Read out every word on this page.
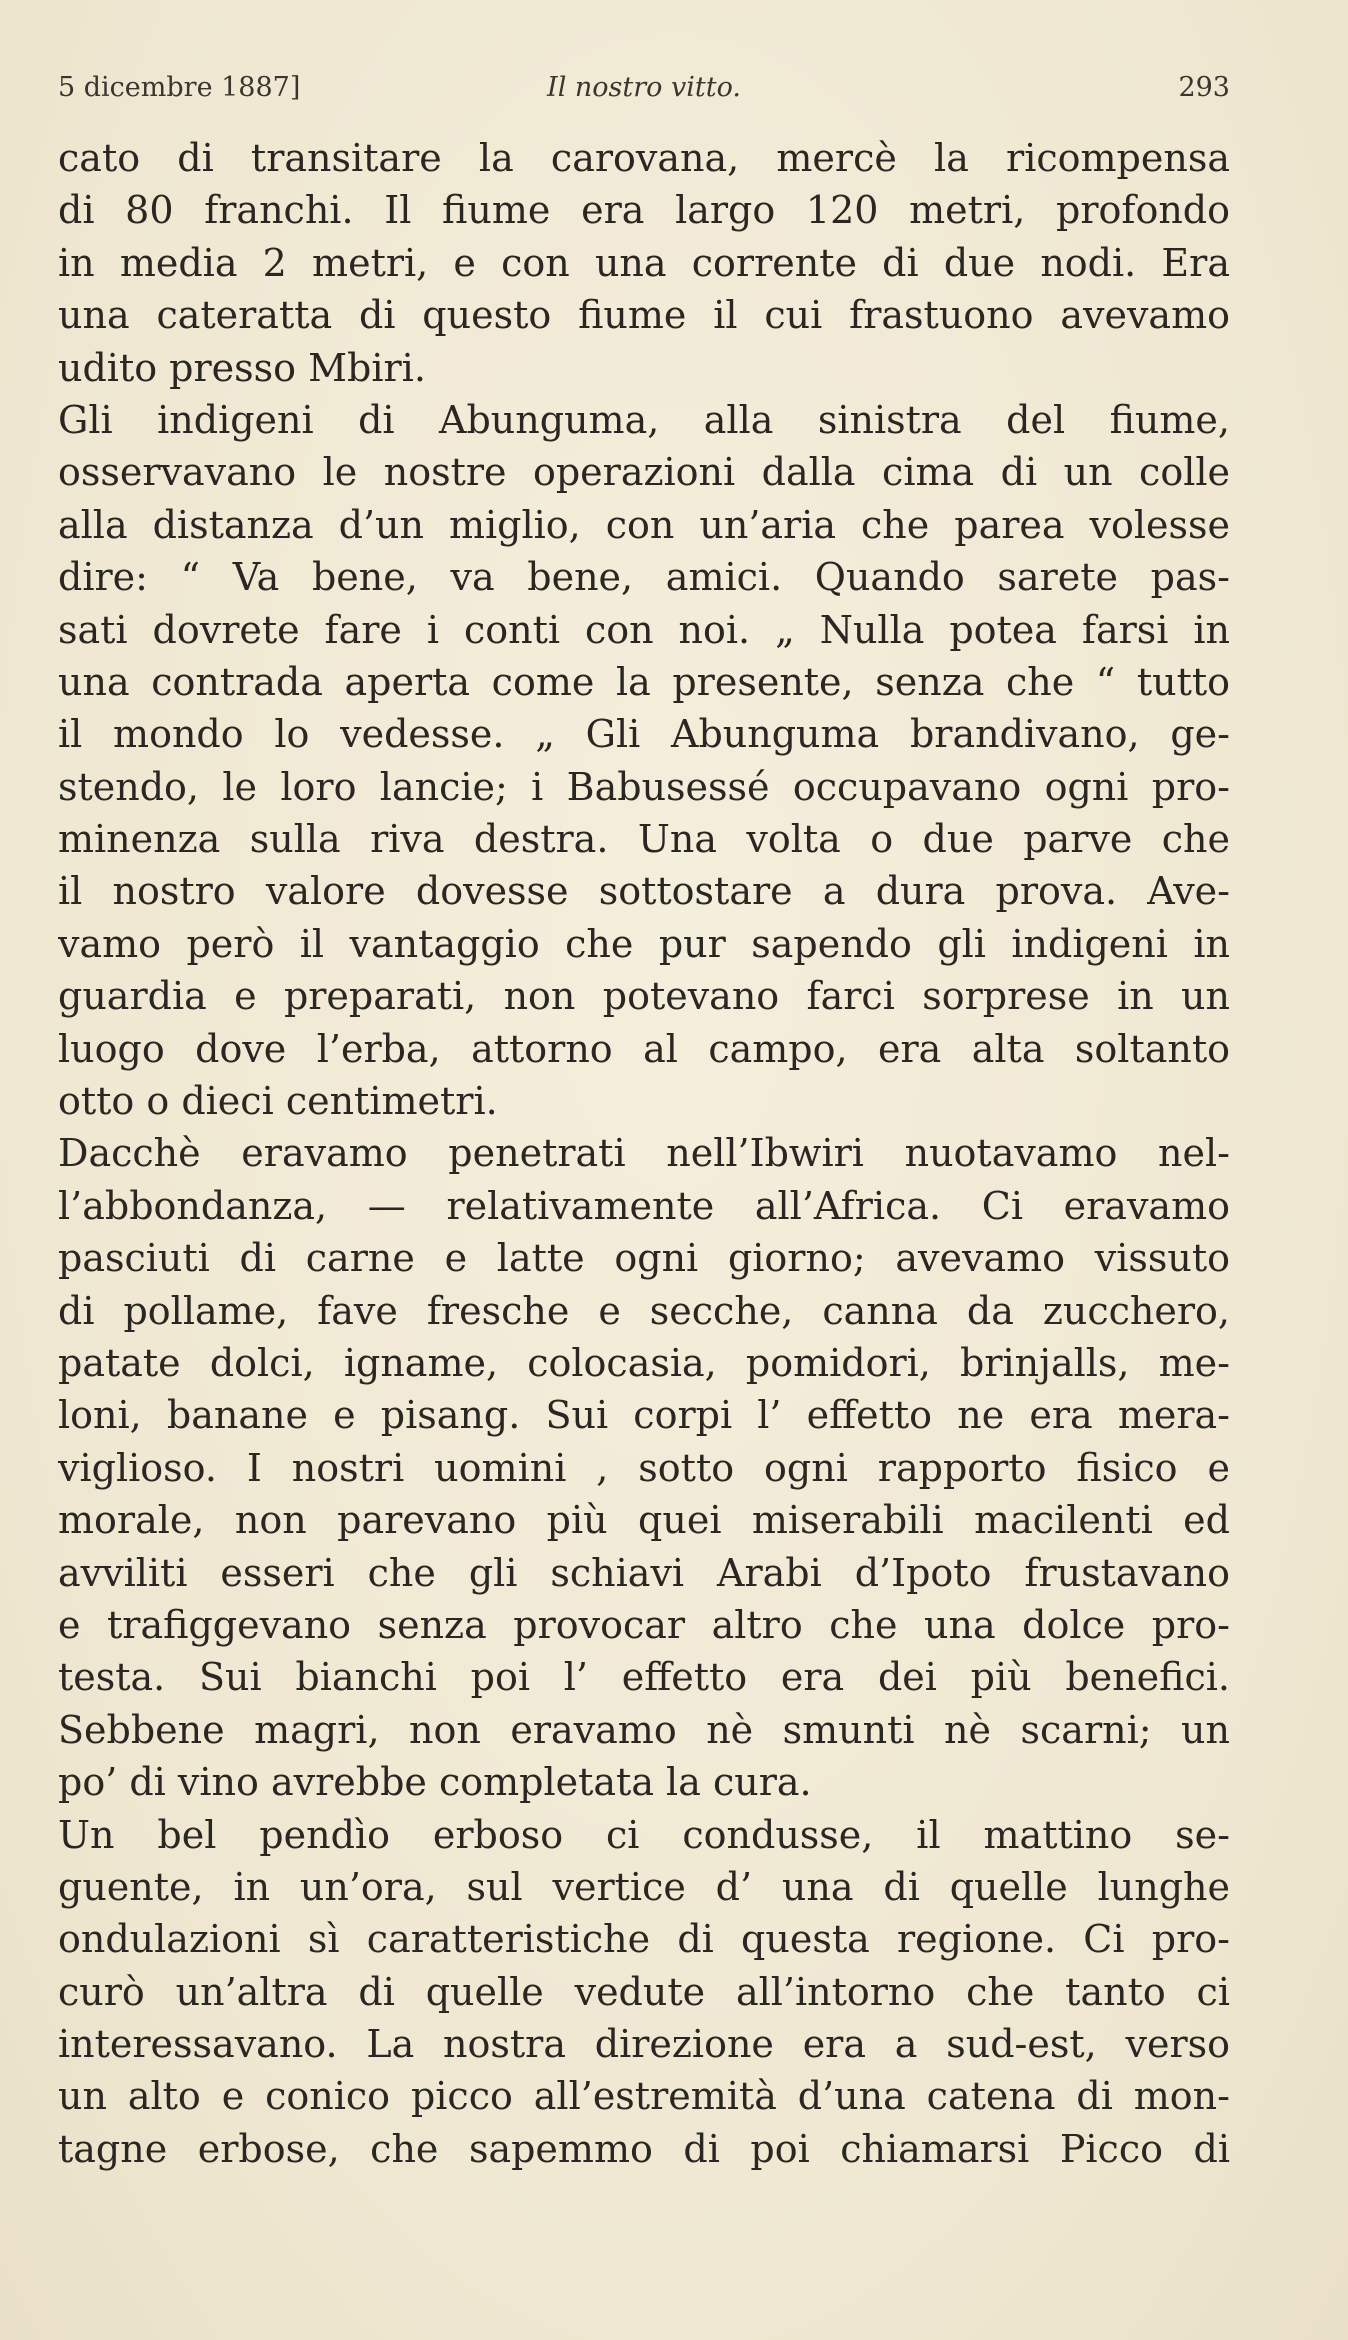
5 dicembre 1887]	Il nostro vitto.	293
cato di transitare la carovana, mercè la ricompensa
di 80 franchi. Il fiume era largo 120 metri, profondo
in media 2 metri, e con una corrente di due nodi. Era
una cateratta di questo fiume il cui frastuono avevamo
udito presso Mbiri.
Gli indigeni di Abunguma, alla sinistra del fiume,
osservavano le nostre operazioni dalla cima di un colle
alla distanza d’un miglio, con un’aria che parea volesse
dire: “ Va bene, va bene, amici. Quando sarete pas-
sati dovrete fare i conti con noi. „ Nulla potea farsi in
una contrada aperta come la presente, senza che “ tutto
il mondo lo vedesse. „ Gli Abunguma brandivano, ge-
stendo, le loro lancie; i Babusessé occupavano ogni pro-
minenza sulla riva destra. Una volta o due parve che
il nostro valore dovesse sottostare a dura prova. Ave-
vamo però il vantaggio che pur sapendo gli indigeni in
guardia e preparati, non potevano farci sorprese in un
luogo dove l’erba, attorno al campo, era alta soltanto
otto o dieci centimetri.
Dacchè eravamo penetrati nell’Ibwiri nuotavamo nel-
l’abbondanza, — relativamente all’Africa. Ci eravamo
pasciuti di carne e latte ogni giorno; avevamo vissuto
di pollame, fave fresche e secche, canna da zucchero,
patate dolci, igname, colocasia, pomidori, brinjalls, me-
loni, banane e pisang. Sui corpi l’ effetto ne era mera-
viglioso. I nostri uomini , sotto ogni rapporto fisico e
morale, non parevano più quei miserabili macilenti ed
avviliti esseri che gli schiavi Arabi d’Ipoto frustavano
e trafiggevano senza provocar altro che una dolce pro-
testa. Sui bianchi poi l’ effetto era dei più benefici.
Sebbene magri, non eravamo nè smunti nè scarni; un
po’ di vino avrebbe completata la cura.
Un bel pendìo erboso ci condusse, il mattino se-
guente, in un’ora, sul vertice d’ una di quelle lunghe
ondulazioni sì caratteristiche di questa regione. Ci pro-
curò un’altra di quelle vedute all’intorno che tanto ci
interessavano. La nostra direzione era a sud-est, verso
un alto e conico picco all’estremità d’una catena di mon-
tagne erbose, che sapemmo di poi chiamarsi Picco di
